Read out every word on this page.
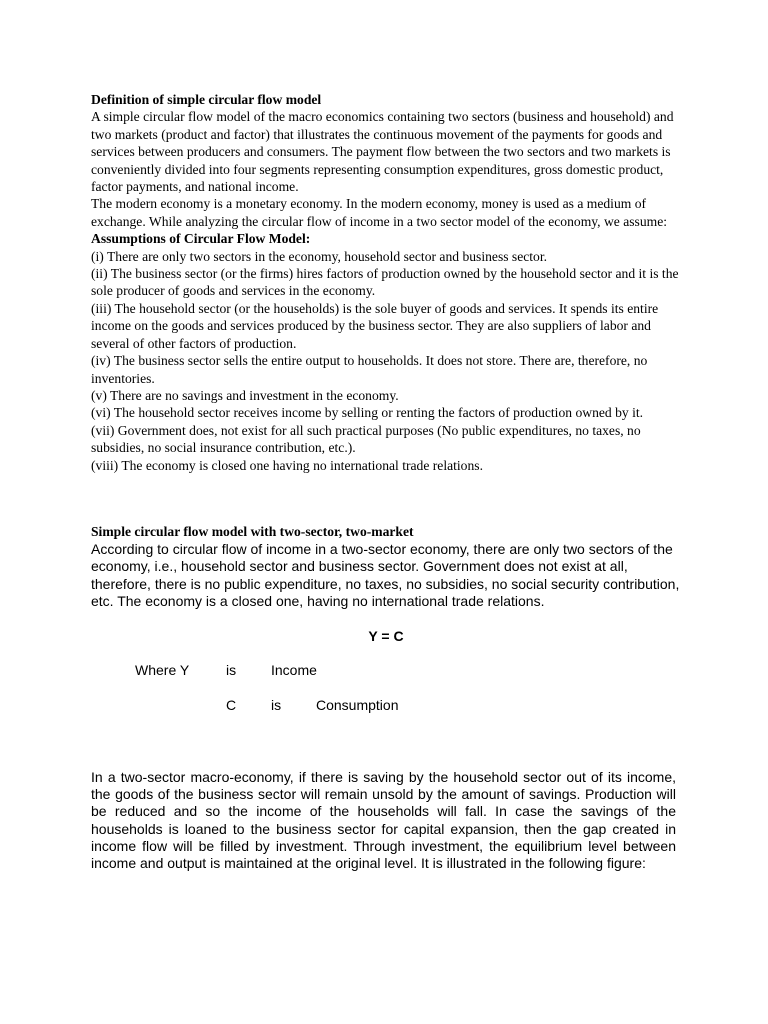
Definition of simple circular flow model

A simple circular flow model of the macro economics containing two sectors (business and household) and two markets (product and factor) that illustrates the continuous movement of the payments for goods and services between producers and consumers. The payment flow between the two sectors and two markets is conveniently divided into four segments representing consumption expenditures, gross domestic product, factor payments, and national income.

The modern economy is a monetary economy. In the modern economy, money is used as a medium of exchange. While analyzing the circular flow of income in a two sector model of the economy, we assume:

Assumptions of Circular Flow Model:

(i) There are only two sectors in the economy, household sector and business sector.

(ii) The business sector (or the firms) hires factors of production owned by the household sector and it is the sole producer of goods and services in the economy.

(iii) The household sector (or the households) is the sole buyer of goods and services. It spends its entire income on the goods and services produced by the business sector. They are also suppliers of labor and several of other factors of production.

(iv) The business sector sells the entire output to households. It does not store. There are, therefore, no inventories.

(v) There are no savings and investment in the economy.

(vi) The household sector receives income by selling or renting the factors of production owned by it.

(vii) Government does, not exist for all such practical purposes (No public expenditures, no taxes, no subsidies, no social insurance contribution, etc.).

(viii) The economy is closed one having no international trade relations.

Simple circular flow model with two-sector, two-market

According to circular flow of income in a two-sector economy, there are only two sectors of the economy, i.e., household sector and business sector. Government does not exist at all, therefore, there is no public expenditure, no taxes, no subsidies, no social security contribution, etc. The economy is a closed one, having no international trade relations.

Y = C
Where Y	is Income
C is Consumption
In a two-sector macro-economy, if there is saving by the household sector out of its income, the goods of the business sector will remain unsold by the amount of savings. Production will be reduced and so the income of the households will fall. In case the savings of the households is loaned to the business sector for capital expansion, then the gap created in income flow will be filled by investment. Through investment, the equilibrium level between income and output is maintained at the original level. It is illustrated in the following figure:
